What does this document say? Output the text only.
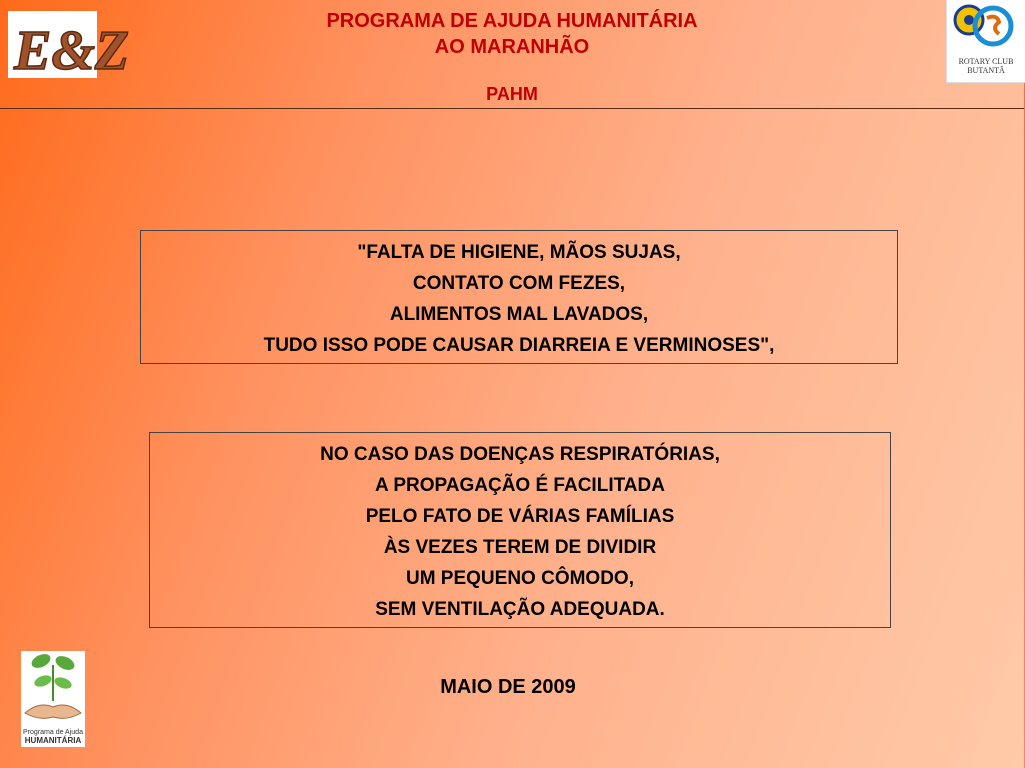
E&Z	PROGRAMA DE AJUDA HUMANITÁRIA
AO MARANHÃO
PAHM
ROTARY CLUB
BUTANTÃ
"FALTA DE HIGIENE, MÃOS SUJAS,
CONTATO COM FEZES,
ALIMENTOS MAL LAVADOS,
TUDO ISSO PODE CAUSAR DIARREIA E VERMINOSES",
NO CASO DAS DOENÇAS RESPIRATÓRIAS,
A PROPAGAÇÃO É FACILITADA
PELO FATO DE VÁRIAS FAMÍLIAS
ÀS VEZES TEREM DE DIVIDIR
UM PEQUENO CÔMODO,
SEM VENTILAÇÃO ADEQUADA.
Programa de Ajuda
HUMANITÁRIA
MAIO DE 2009
